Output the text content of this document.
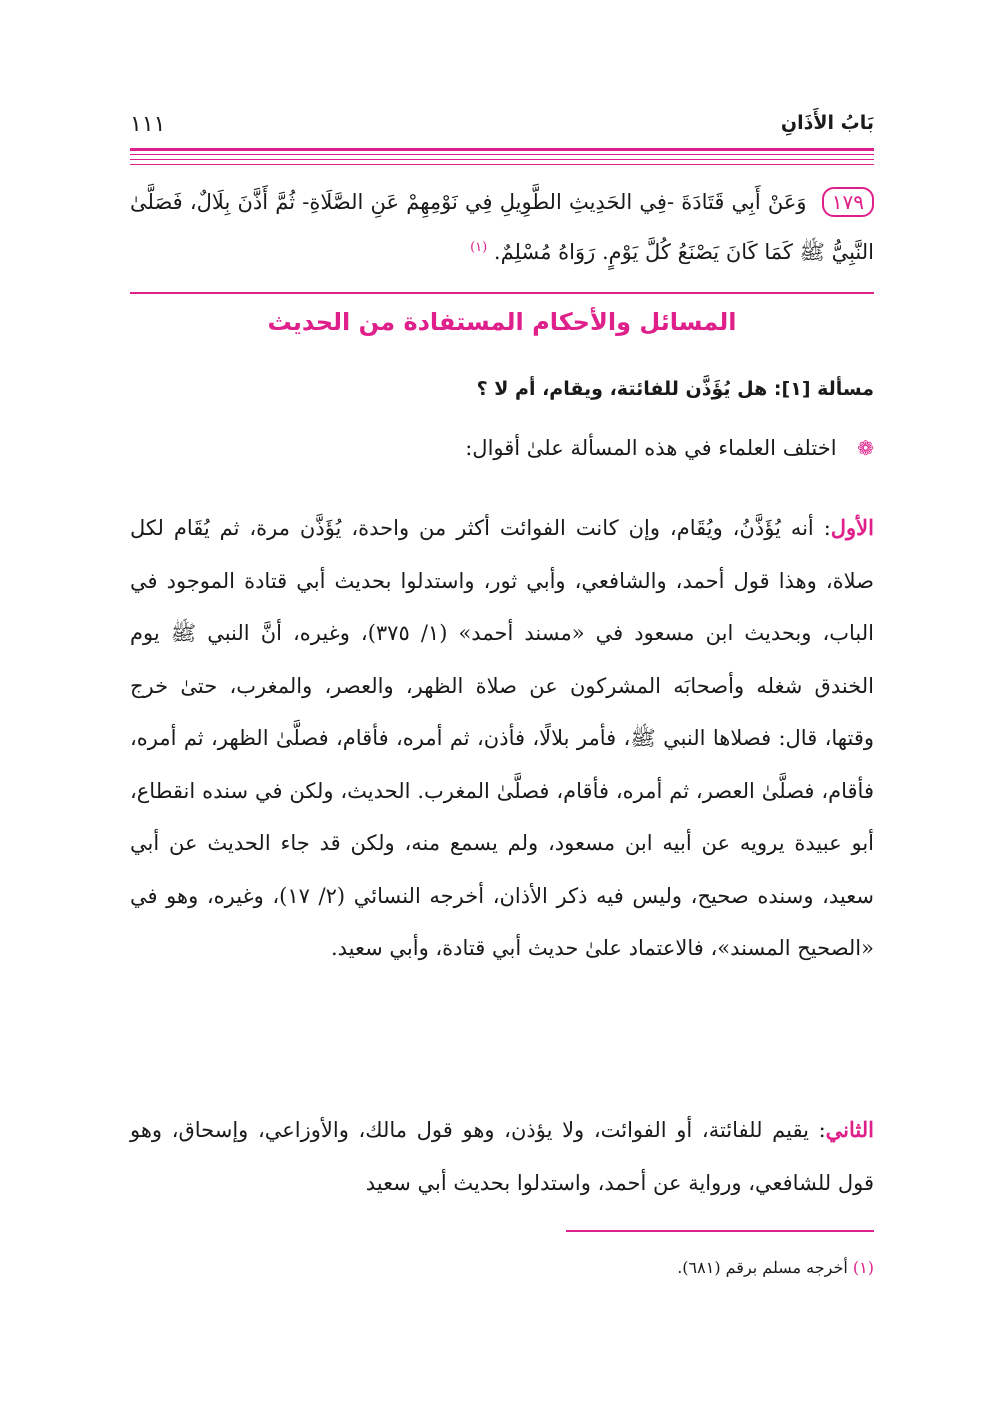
بَابُ الأَذَانِ
١١١
١٧٩ وَعَنْ أَبِي قَتَادَةَ -فِي الحَدِيثِ الطَّوِيلِ فِي نَوْمِهِمْ عَنِ الصَّلَاةِ- ثُمَّ أَذَّنَ بِلَالٌ، فَصَلَّىٰ النَّبِيُّ ﷺ كَمَا كَانَ يَصْنَعُ كُلَّ يَوْمٍ. رَوَاهُ مُسْلِمٌ. $^{(١)}$
المسائل والأحكام المستفادة من الحديث
مسألة [١]: هل يُؤَذَّن للفائتة، ويقام، أم لا ؟
❁ اختلف العلماء في هذه المسألة علىٰ أقوال:
الأول: أنه يُؤَذَّنُ، ويُقَام، وإن كانت الفوائت أكثر من واحدة، يُؤَذَّن مرة، ثم يُقَام لكل صلاة، وهذا قول أحمد، والشافعي، وأبي ثور، واستدلوا بحديث أبي قتادة الموجود في الباب، وبحديث ابن مسعود في «مسند أحمد» (١/ ٣٧٥)، وغيره، أنَّ النبي ﷺ يوم الخندق شغله وأصحابَه المشركون عن صلاة الظهر، والعصر، والمغرب، حتىٰ خرج وقتها، قال: فصلاها النبي ﷺ، فأمر بلالًا، فأذن، ثم أمره، فأقام، فصلَّىٰ الظهر، ثم أمره، فأقام، فصلَّىٰ العصر، ثم أمره، فأقام، فصلَّىٰ المغرب. الحديث، ولكن في سنده انقطاع، أبو عبيدة يرويه عن أبيه ابن مسعود، ولم يسمع منه، ولكن قد جاء الحديث عن أبي سعيد، وسنده صحيح، وليس فيه ذكر الأذان، أخرجه النسائي (٢/ ١٧)، وغيره، وهو في «الصحيح المسند»، فالاعتماد علىٰ حديث أبي قتادة، وأبي سعيد.
الثاني: يقيم للفائتة، أو الفوائت، ولا يؤذن، وهو قول مالك، والأوزاعي، وإسحاق، وهو قول للشافعي، ورواية عن أحمد، واستدلوا بحديث أبي سعيد
(١) أخرجه مسلم برقم (٦٨١).
